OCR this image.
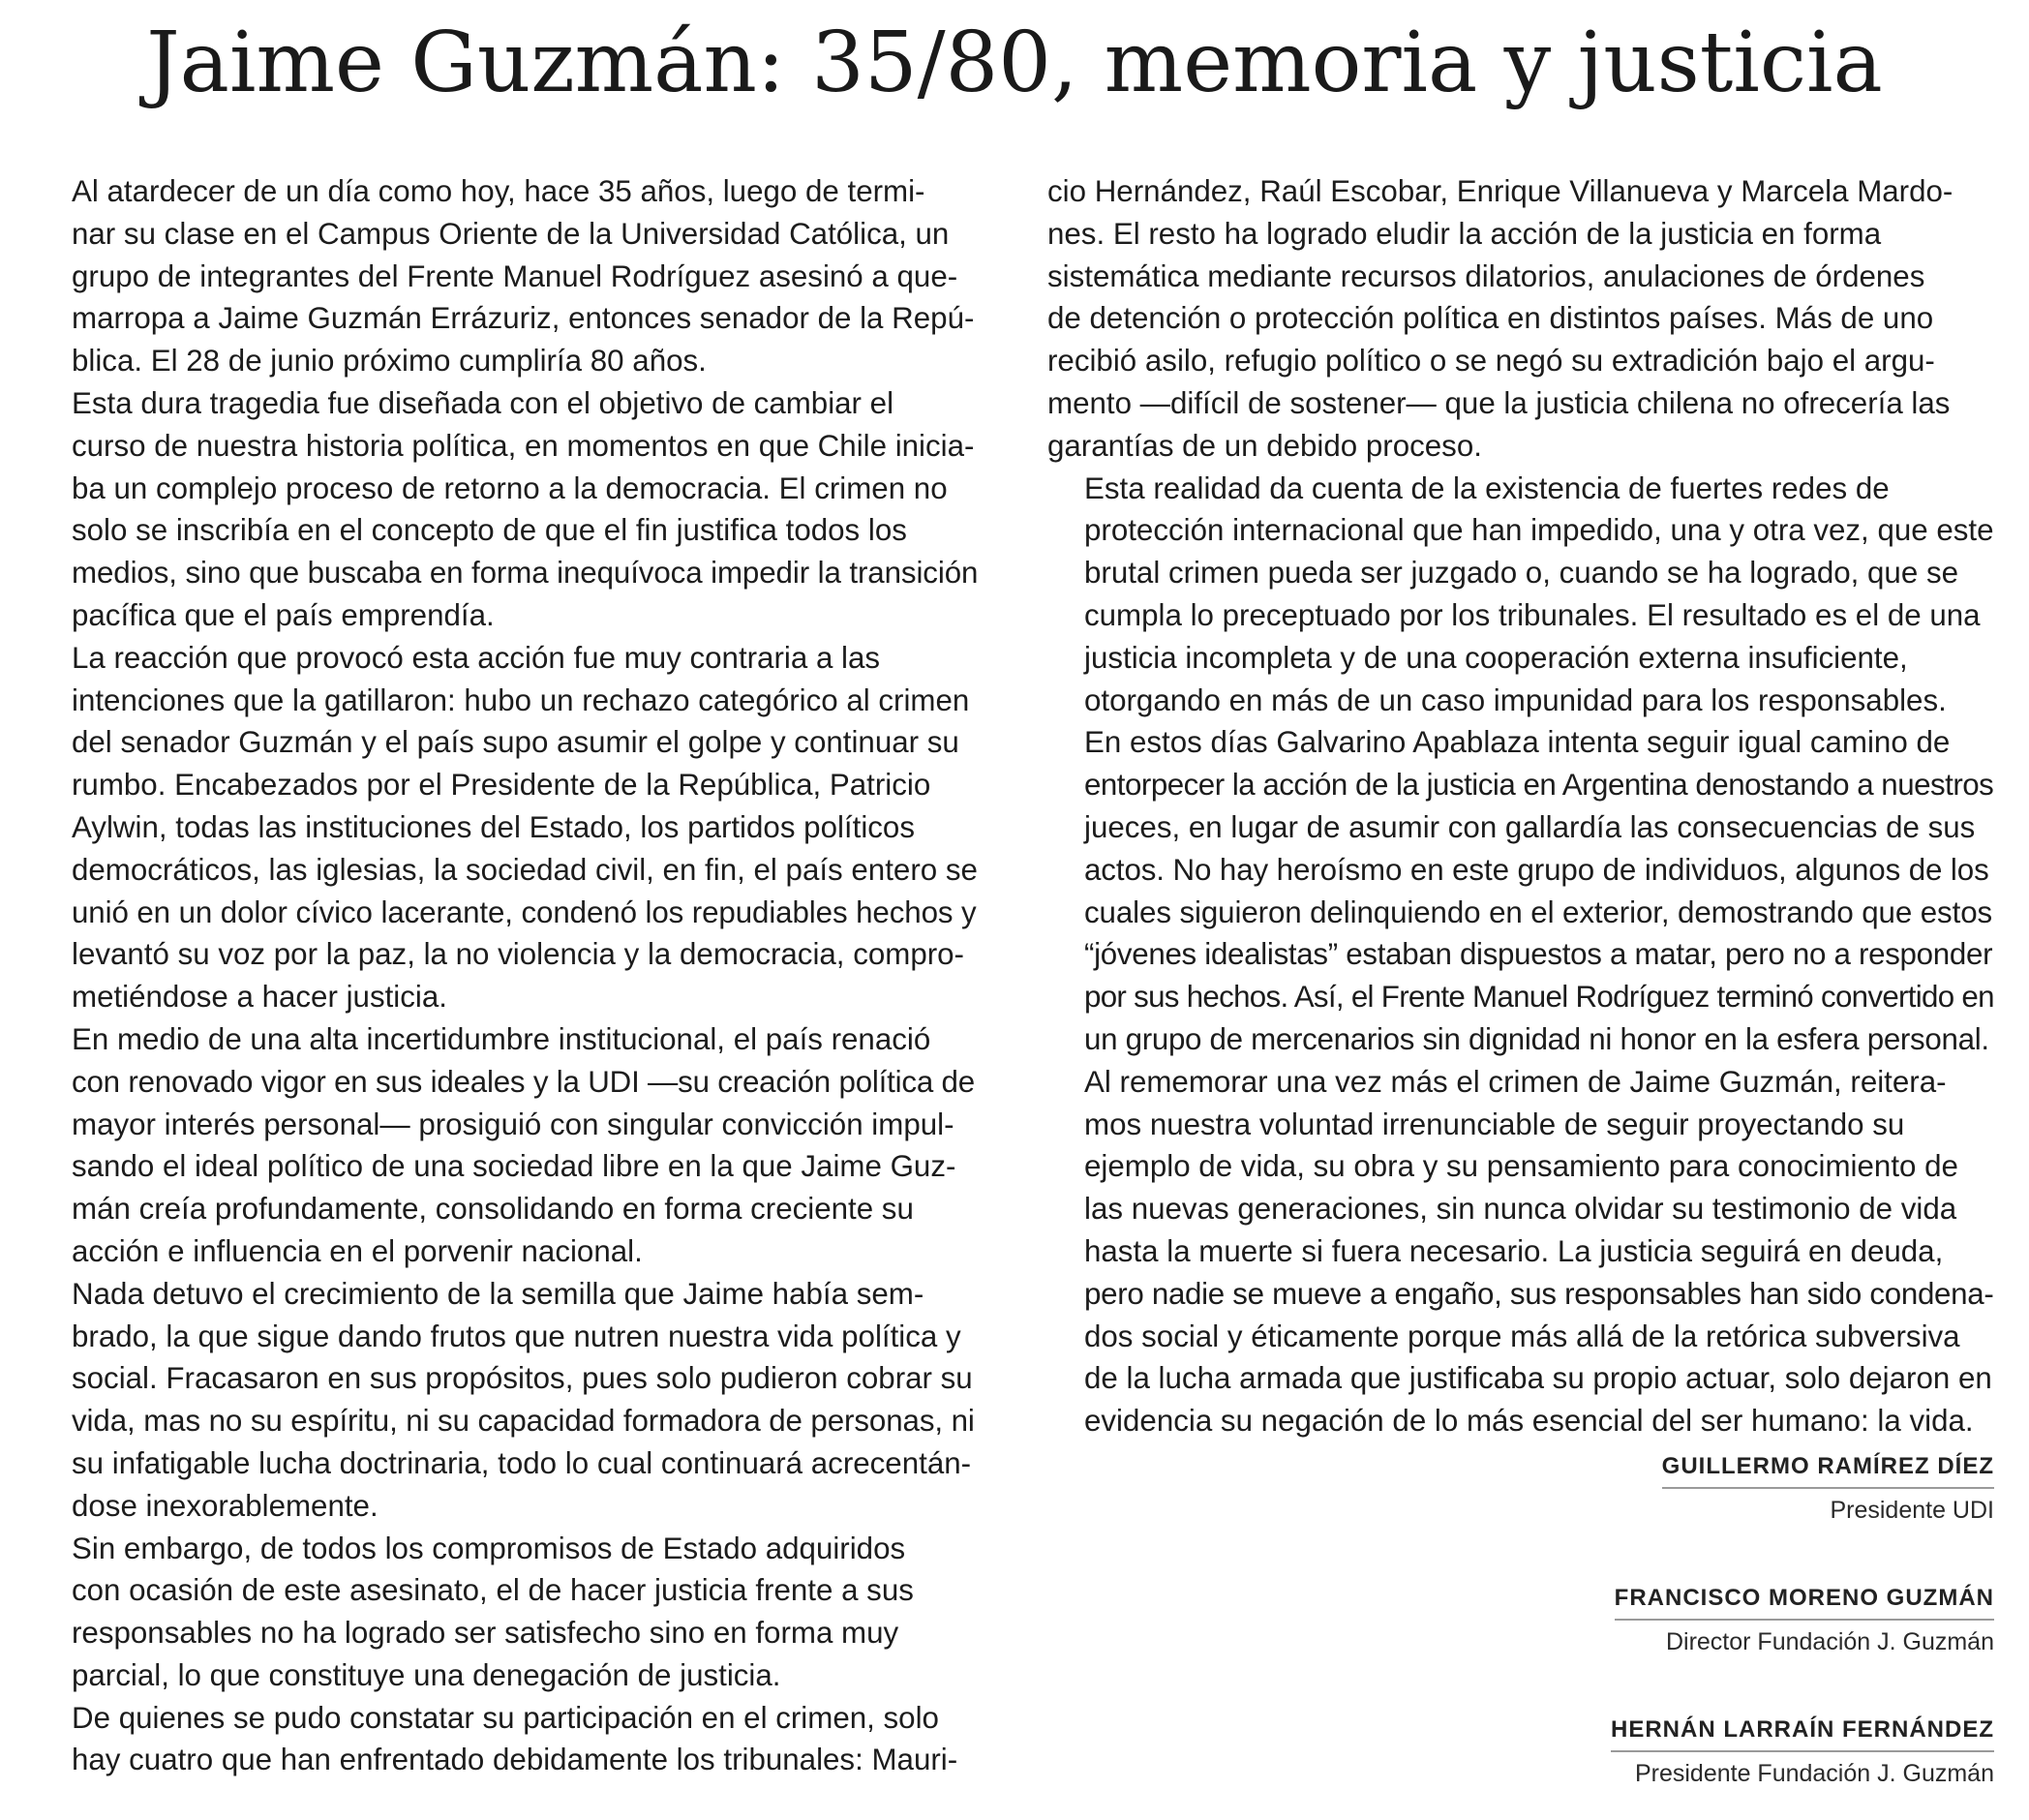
Jaime Guzmán: 35/80, memoria y justicia

Al atardecer de un día como hoy, hace 35 años, luego de termi-
nar su clase en el Campus Oriente de la Universidad Católica, un
grupo de integrantes del Frente Manuel Rodríguez asesinó a que-
marropa a Jaime Guzmán Errázuriz, entonces senador de la Repú-
blica. El 28 de junio próximo cumpliría 80 años.

Esta dura tragedia fue diseñada con el objetivo de cambiar el
curso de nuestra historia política, en momentos en que Chile inicia-
ba un complejo proceso de retorno a la democracia. El crimen no
solo se inscribía en el concepto de que el fin justifica todos los
medios, sino que buscaba en forma inequívoca impedir la transición
pacífica que el país emprendía.

La reacción que provocó esta acción fue muy contraria a las
intenciones que la gatillaron: hubo un rechazo categórico al crimen
del senador Guzmán y el país supo asumir el golpe y continuar su
rumbo. Encabezados por el Presidente de la República, Patricio
Aylwin, todas las instituciones del Estado, los partidos políticos
democráticos, las iglesias, la sociedad civil, en fin, el país entero se
unió en un dolor cívico lacerante, condenó los repudiables hechos y
levantó su voz por la paz, la no violencia y la democracia, compro-
metiéndose a hacer justicia.

En medio de una alta incertidumbre institucional, el país renació
con renovado vigor en sus ideales y la UDI —su creación política de
mayor interés personal— prosiguió con singular convicción impul-
sando el ideal político de una sociedad libre en la que Jaime Guz-
mán creía profundamente, consolidando en forma creciente su
acción e influencia en el porvenir nacional.

Nada detuvo el crecimiento de la semilla que Jaime había sem-
brado, la que sigue dando frutos que nutren nuestra vida política y
social. Fracasaron en sus propósitos, pues solo pudieron cobrar su
vida, mas no su espíritu, ni su capacidad formadora de personas, ni
su infatigable lucha doctrinaria, todo lo cual continuará acrecentán-
dose inexorablemente.

Sin embargo, de todos los compromisos de Estado adquiridos
con ocasión de este asesinato, el de hacer justicia frente a sus
responsables no ha logrado ser satisfecho sino en forma muy
parcial, lo que constituye una denegación de justicia.

De quienes se pudo constatar su participación en el crimen, solo
hay cuatro que han enfrentado debidamente los tribunales: Mauri-

cio Hernández, Raúl Escobar, Enrique Villanueva y Marcela Mardo-
nes. El resto ha logrado eludir la acción de la justicia en forma
sistemática mediante recursos dilatorios, anulaciones de órdenes
de detención o protección política en distintos países. Más de uno
recibió asilo, refugio político o se negó su extradición bajo el argu-
mento —difícil de sostener— que la justicia chilena no ofrecería las
garantías de un debido proceso.

Esta realidad da cuenta de la existencia de fuertes redes de
protección internacional que han impedido, una y otra vez, que este
brutal crimen pueda ser juzgado o, cuando se ha logrado, que se
cumpla lo preceptuado por los tribunales. El resultado es el de una
justicia incompleta y de una cooperación externa insuficiente,
otorgando en más de un caso impunidad para los responsables.

En estos días Galvarino Apablaza intenta seguir igual camino de
entorpecer la acción de la justicia en Argentina denostando a nuestros
jueces, en lugar de asumir con gallardía las consecuencias de sus
actos. No hay heroísmo en este grupo de individuos, algunos de los
cuales siguieron delinquiendo en el exterior, demostrando que estos
“jóvenes idealistas” estaban dispuestos a matar, pero no a responder
por sus hechos. Así, el Frente Manuel Rodríguez terminó convertido en
un grupo de mercenarios sin dignidad ni honor en la esfera personal.

Al rememorar una vez más el crimen de Jaime Guzmán, reitera-
mos nuestra voluntad irrenunciable de seguir proyectando su
ejemplo de vida, su obra y su pensamiento para conocimiento de
las nuevas generaciones, sin nunca olvidar su testimonio de vida
hasta la muerte si fuera necesario. La justicia seguirá en deuda,
pero nadie se mueve a engaño, sus responsables han sido condena-
dos social y éticamente porque más allá de la retórica subversiva
de la lucha armada que justificaba su propio actuar, solo dejaron en
evidencia su negación de lo más esencial del ser humano: la vida.

GUILLERMO RAMÍREZ DÍEZ
Presidente UDI
FRANCISCO MORENO GUZMÁN
Director Fundación J. Guzmán
HERNÁN LARRAÍN FERNÁNDEZ
Presidente Fundación J. Guzmán
